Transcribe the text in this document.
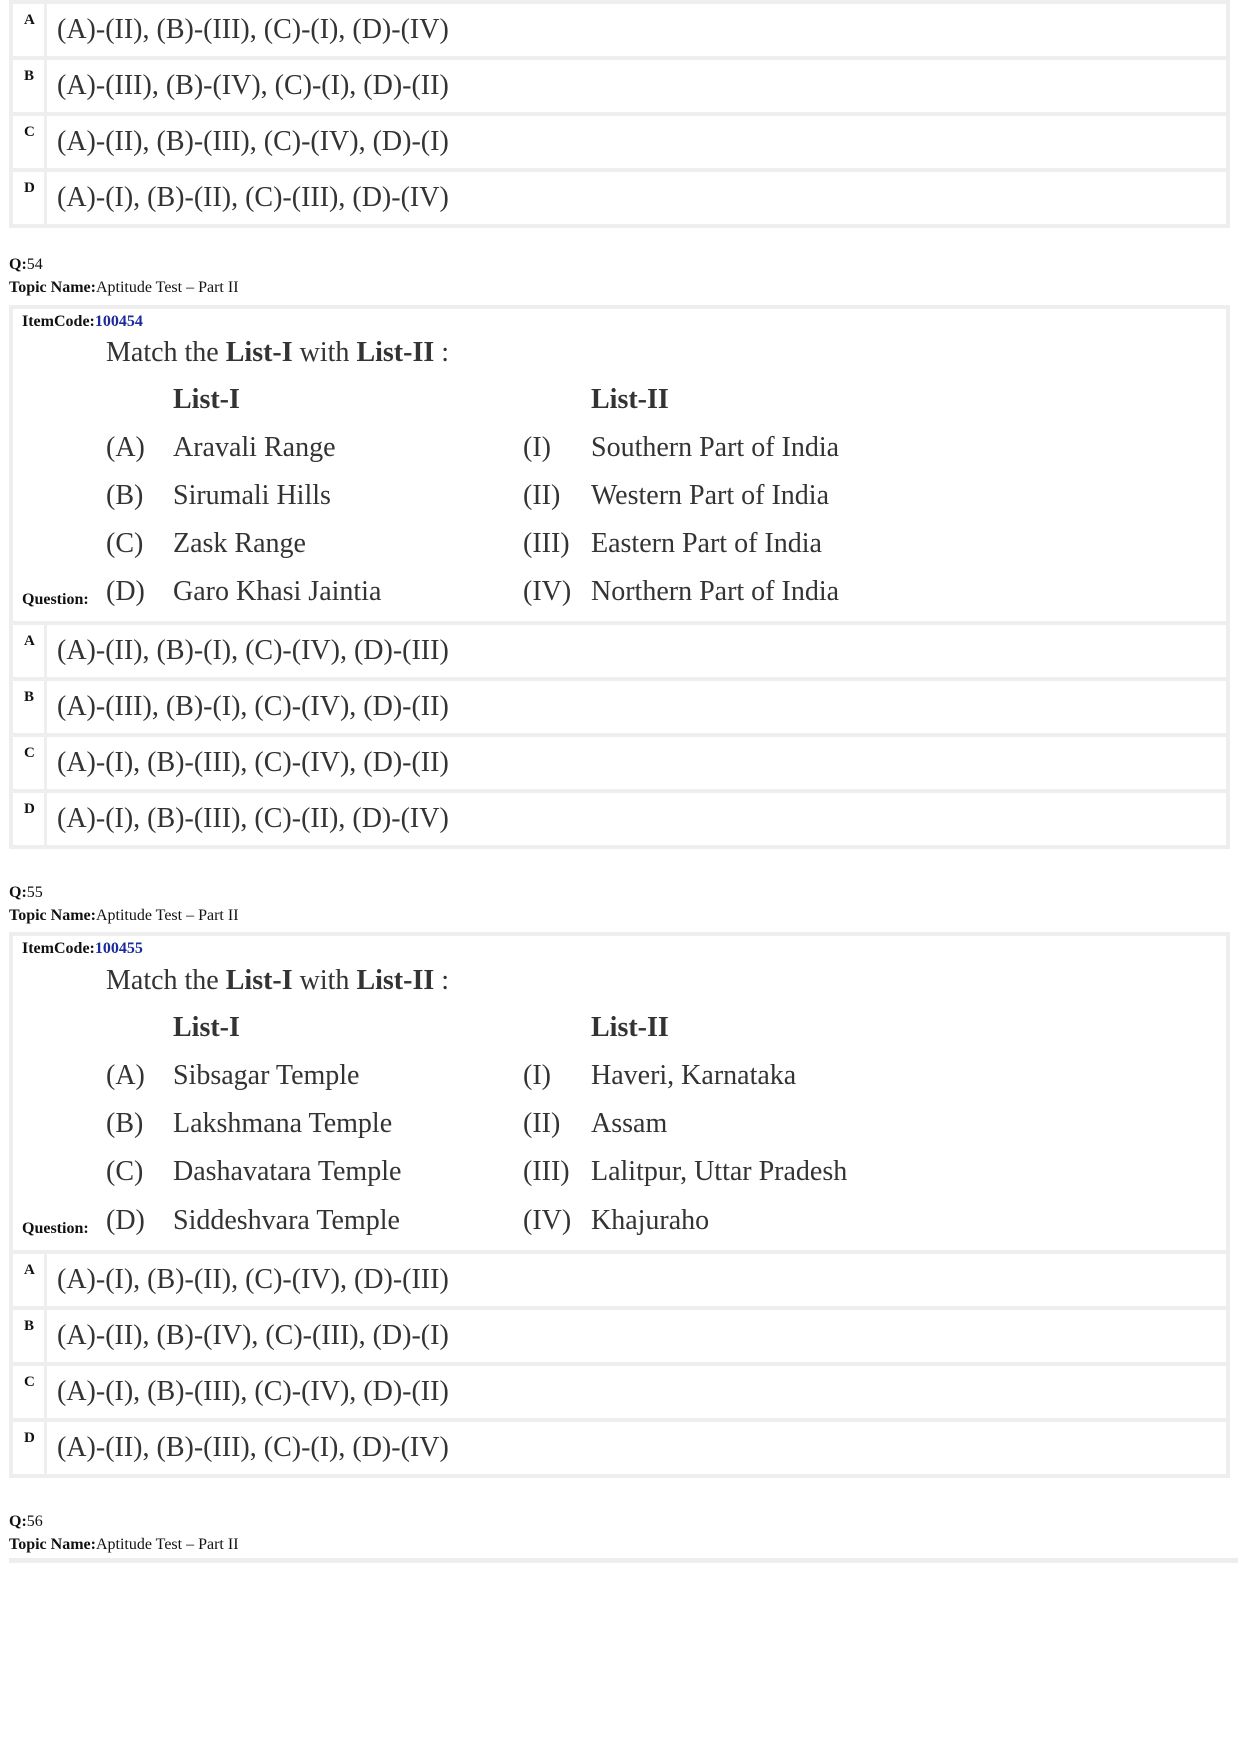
A (A)-(II), (B)-(III), (C)-(I), (D)-(IV)
B (A)-(III), (B)-(IV), (C)-(I), (D)-(II)
C (A)-(II), (B)-(III), (C)-(IV), (D)-(I)
D (A)-(I), (B)-(II), (C)-(III), (D)-(IV)
Q:54
Topic Name:Aptitude Test – Part II
ItemCode:100454
Match the List-I with List-II :
List-I	List-II
(A) Aravali Range	(I) Southern Part of India
(B) Sirumali Hills	(II) Western Part of India
(C) Zask Range	(III) Eastern Part of India
Question: (D) Garo Khasi Jaintia	(IV) Northern Part of India
A (A)-(II), (B)-(I), (C)-(IV), (D)-(III)
B (A)-(III), (B)-(I), (C)-(IV), (D)-(II)
C (A)-(I), (B)-(III), (C)-(IV), (D)-(II)
D (A)-(I), (B)-(III), (C)-(II), (D)-(IV)
Q:55
Topic Name:Aptitude Test – Part II
ItemCode:100455
Match the List-I with List-II :
List-I	List-II
(A) Sibsagar Temple	(I) Haveri, Karnataka
(B) Lakshmana Temple	(II) Assam
(C) Dashavatara Temple	(III) Lalitpur, Uttar Pradesh
Question: (D) Siddeshvara Temple	(IV) Khajuraho
A (A)-(I), (B)-(II), (C)-(IV), (D)-(III)
B (A)-(II), (B)-(IV), (C)-(III), (D)-(I)
C (A)-(I), (B)-(III), (C)-(IV), (D)-(II)
D (A)-(II), (B)-(III), (C)-(I), (D)-(IV)
Q:56
Topic Name:Aptitude Test – Part II
